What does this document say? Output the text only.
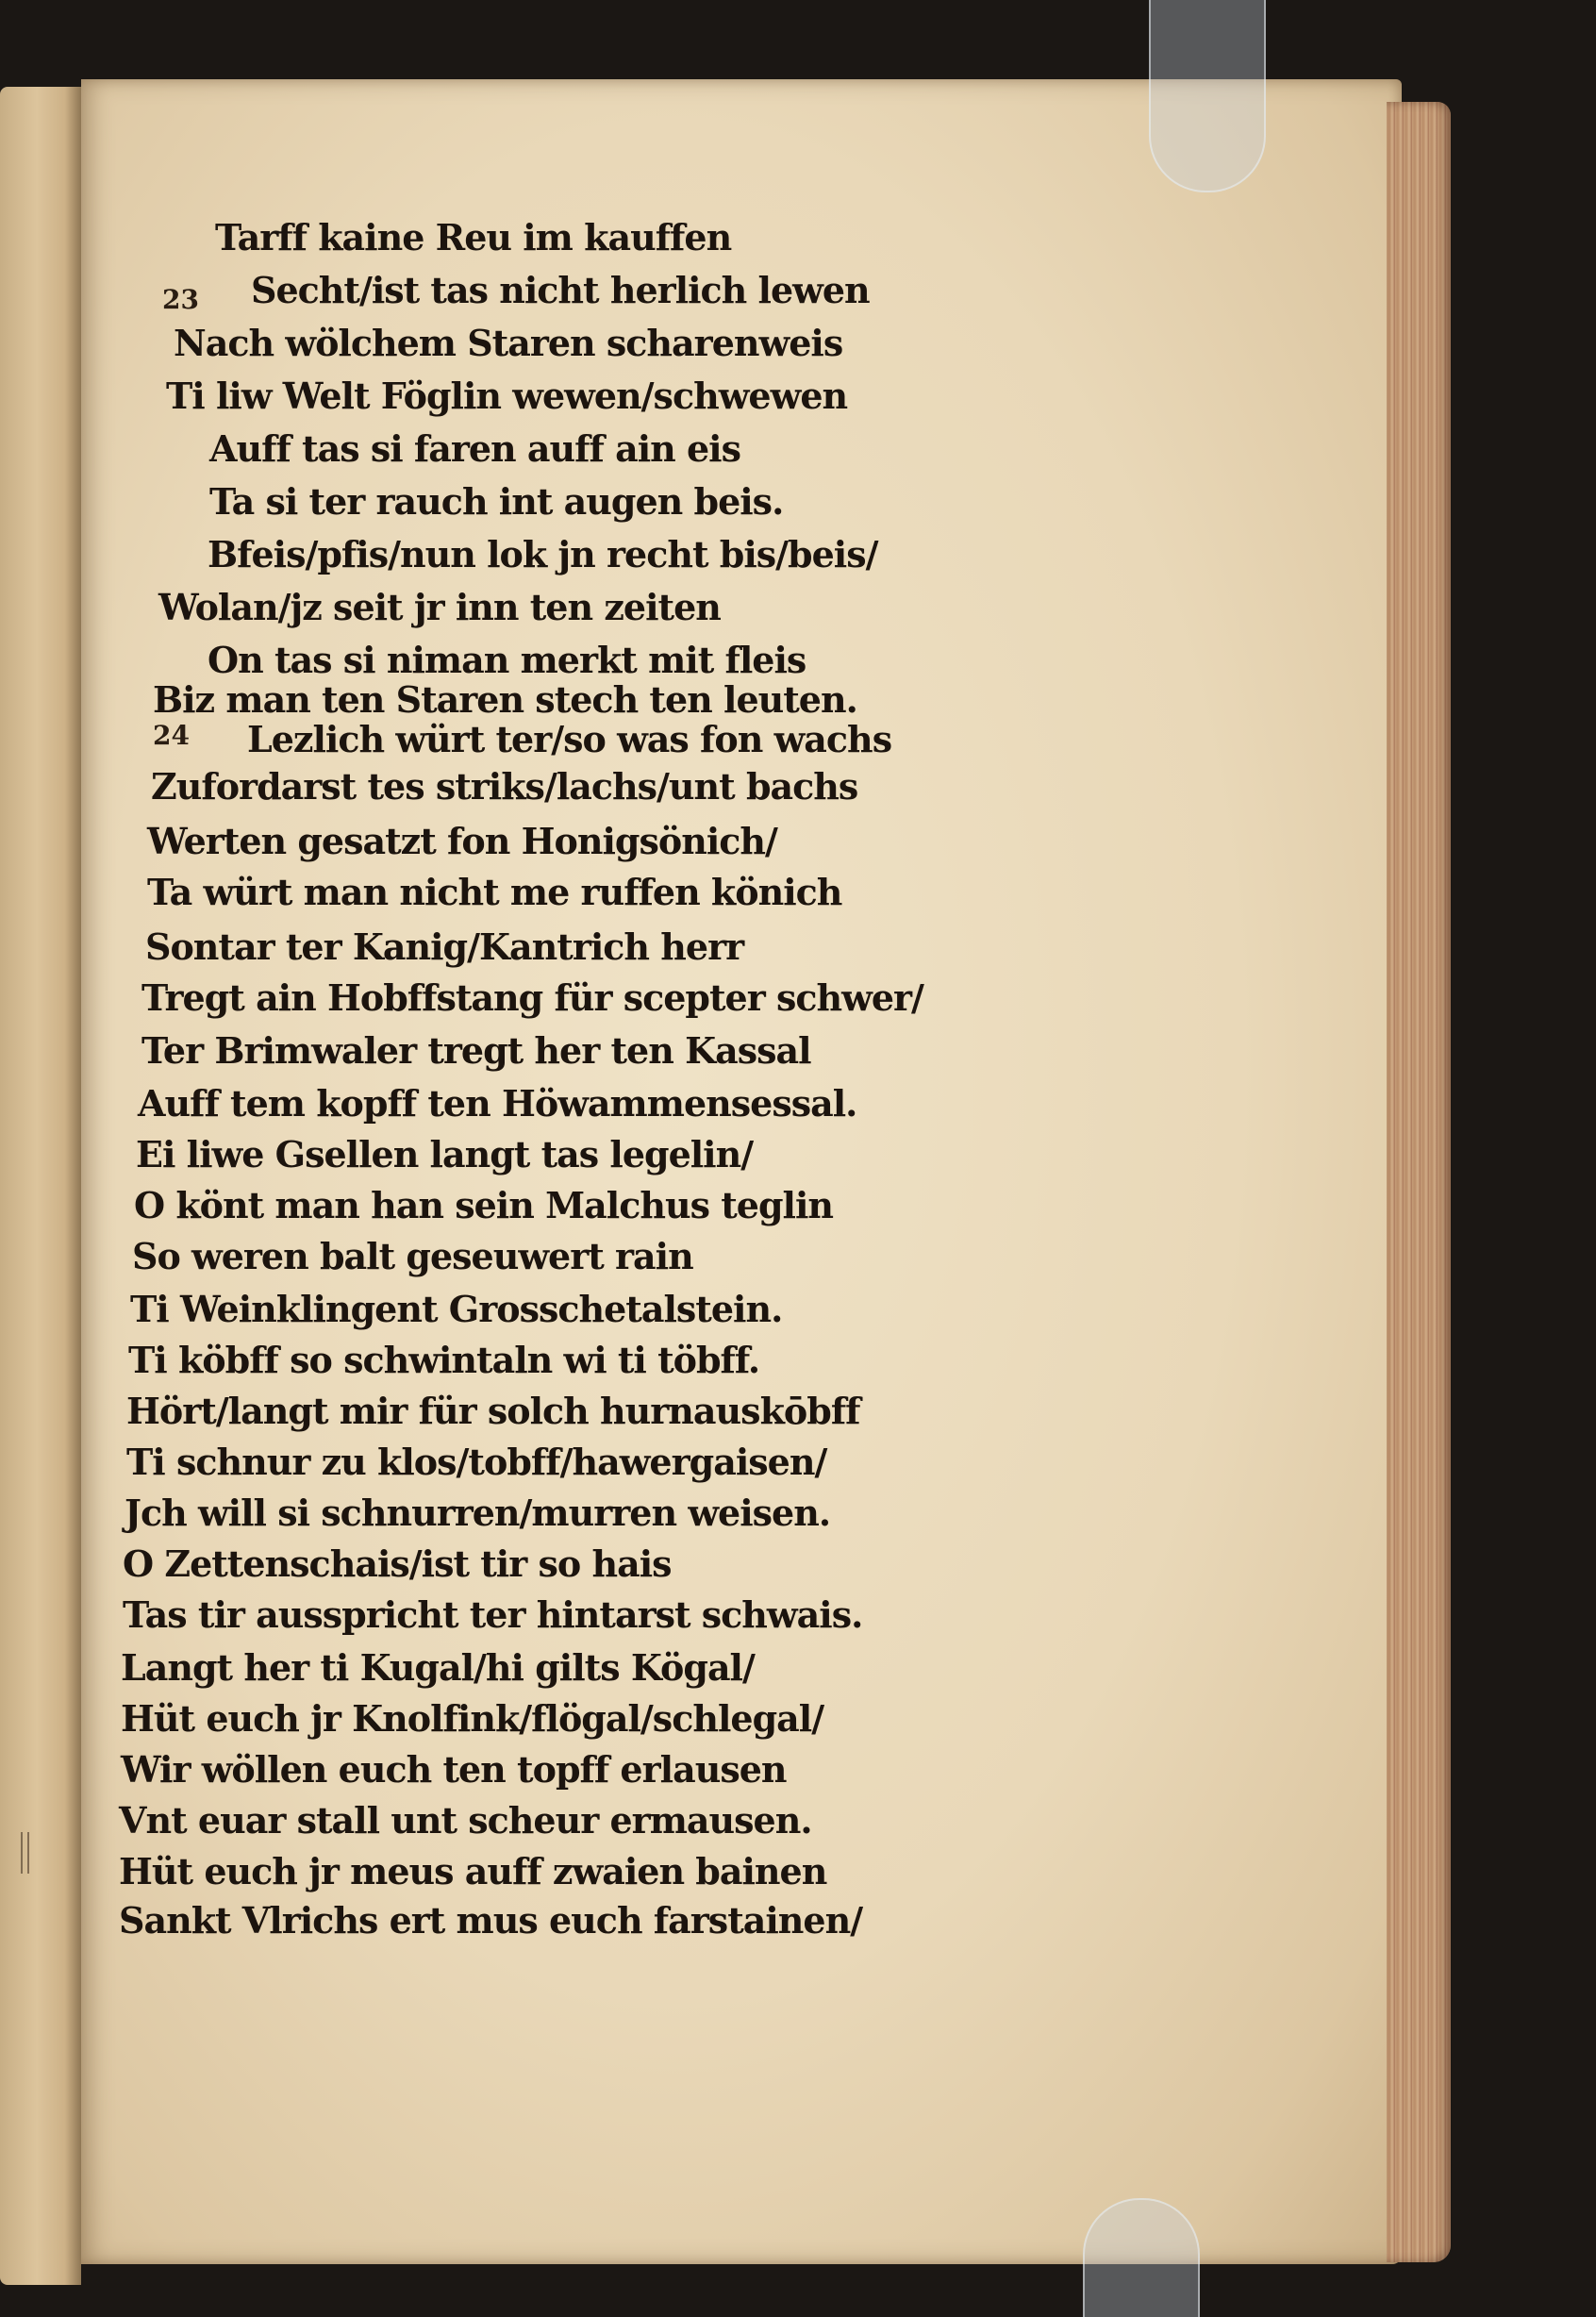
23

24

Tarff kaine Reu im kauffen

Secht/ist tas nicht herlich lewen

Nach wölchem Staren scharenweis

Ti liw Welt Föglin wewen/schwewen

Auff tas si faren auff ain eis

Ta si ter rauch int augen beis.

Bfeis/pfis/nun lok jn recht bis/beis/

Wolan/jz seit jr inn ten zeiten

On tas si niman merkt mit fleis

Biz man ten Staren stech ten leuten.

Lezlich würt ter/so was fon wachs

Zufordarst tes striks/lachs/unt bachs

Werten gesatzt fon Honigsönich/

Ta würt man nicht me ruffen könich

Sontar ter Kanig/Kantrich herr

Tregt ain Hobffstang für scepter schwer/

Ter Brimwaler tregt her ten Kassal

Auff tem kopff ten Höwammensessal.

Ei liwe Gsellen langt tas legelin/

O könt man han sein Malchus teglin

So weren balt geseuwert rain

Ti Weinklingent Grosschetalstein.

Ti köbff so schwintaln wi ti töbff.

Hört/langt mir für solch hurnauskōbff

Ti schnur zu klos/tobff/hawergaisen/

Jch will si schnurren/murren weisen.

O Zettenschais/ist tir so hais

Tas tir ausspricht ter hintarst schwais.

Langt her ti Kugal/hi gilts Kögal/

Hüt euch jr Knolfink/flögal/schlegal/

Wir wöllen euch ten topff erlausen

Vnt euar stall unt scheur ermausen.

Hüt euch jr meus auff zwaien bainen

Sankt Vlrichs ert mus euch farstainen/
